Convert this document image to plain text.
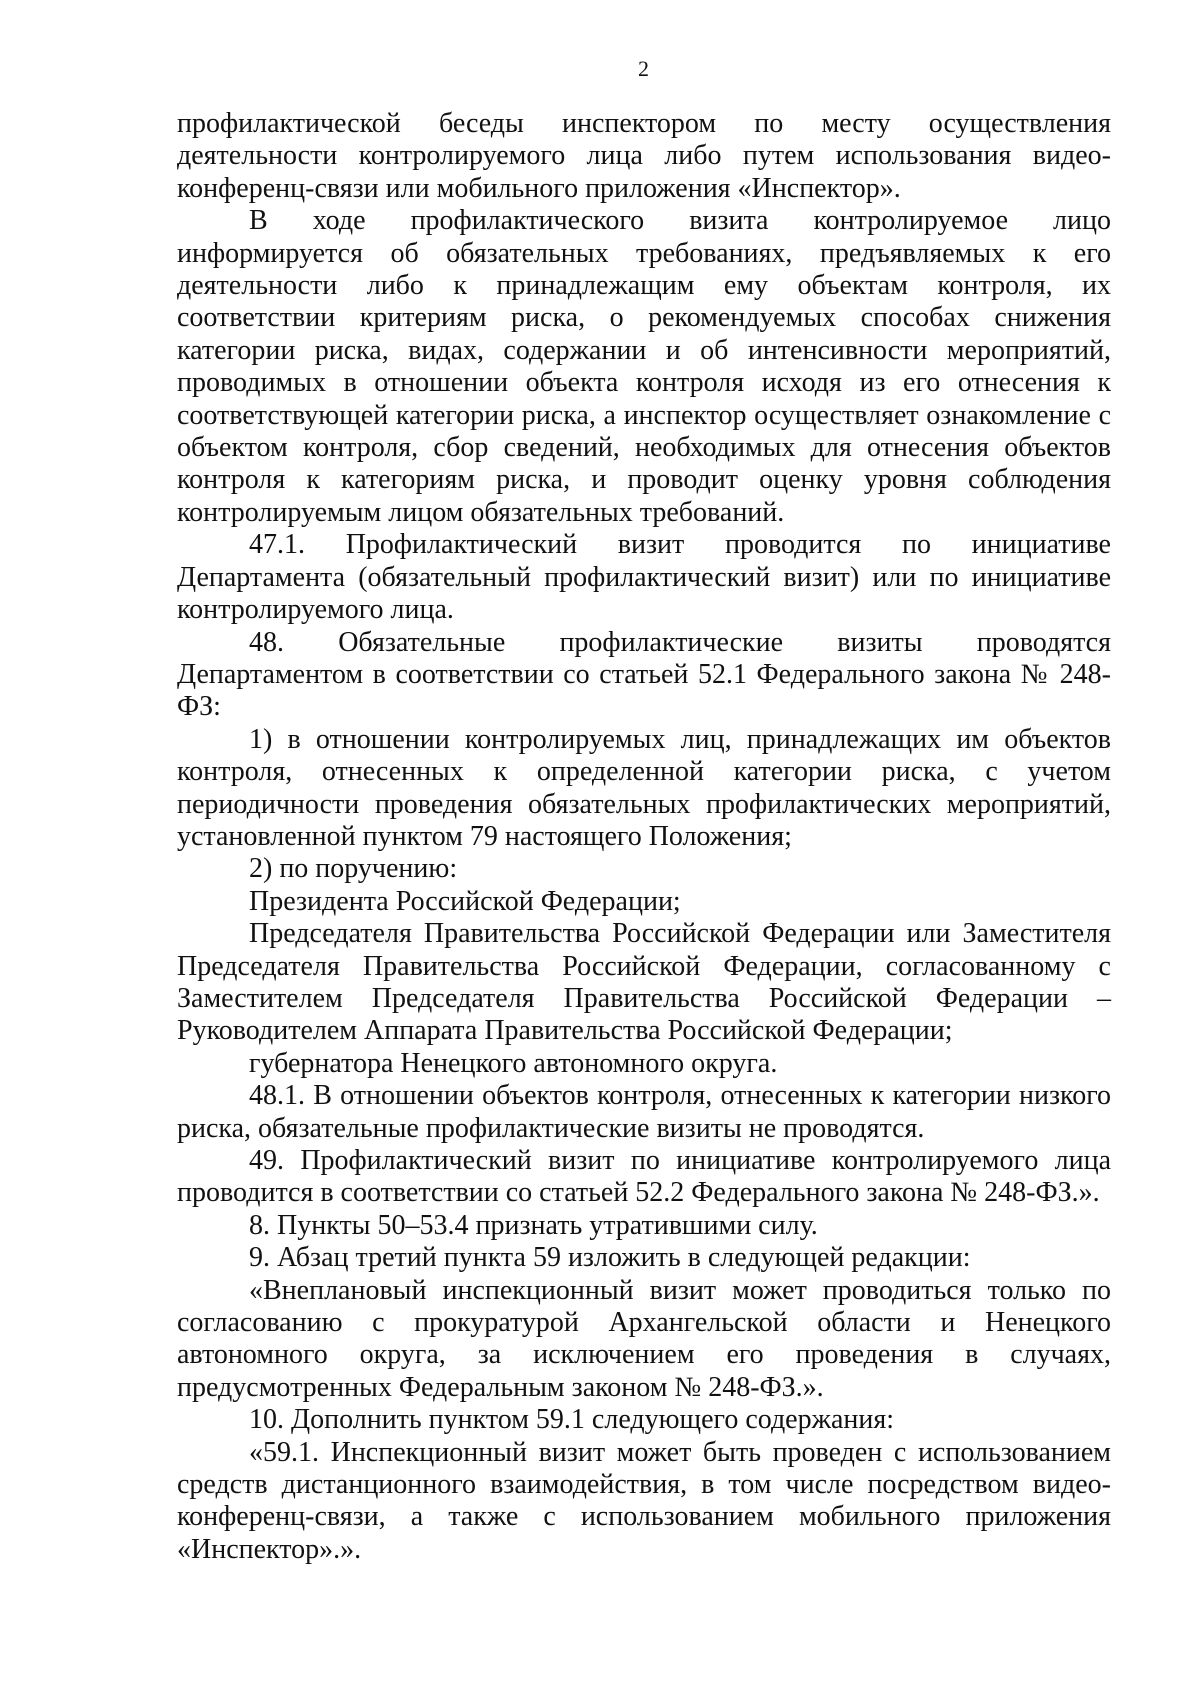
2

профилактической беседы инспектором по месту осуществления деятельности контролируемого лица либо путем использования видео-конференц-связи или мобильного приложения «Инспектор».

В ходе профилактического визита контролируемое лицо информируется об обязательных требованиях, предъявляемых к его деятельности либо к принадлежащим ему объектам контроля, их соответствии критериям риска, о рекомендуемых способах снижения категории риска, видах, содержании и об интенсивности мероприятий, проводимых в отношении объекта контроля исходя из его отнесения к соответствующей категории риска, а инспектор осуществляет ознакомление с объектом контроля, сбор сведений, необходимых для отнесения объектов контроля к категориям риска, и проводит оценку уровня соблюдения контролируемым лицом обязательных требований.

47.1. Профилактический визит проводится по инициативе Департамента (обязательный профилактический визит) или по инициативе контролируемого лица.

48. Обязательные профилактические визиты проводятся Департаментом в соответствии со статьей 52.1 Федерального закона № 248-ФЗ:

1) в отношении контролируемых лиц, принадлежащих им объектов контроля, отнесенных к определенной категории риска, с учетом периодичности проведения обязательных профилактических мероприятий, установленной пунктом 79 настоящего Положения;

2) по поручению:

Президента Российской Федерации;

Председателя Правительства Российской Федерации или Заместителя Председателя Правительства Российской Федерации, согласованному с Заместителем Председателя Правительства Российской Федерации – Руководителем Аппарата Правительства Российской Федерации;

губернатора Ненецкого автономного округа.

48.1. В отношении объектов контроля, отнесенных к категории низкого риска, обязательные профилактические визиты не проводятся.

49. Профилактический визит по инициативе контролируемого лица проводится в соответствии со статьей 52.2 Федерального закона № 248-ФЗ.».

8. Пункты 50–53.4 признать утратившими силу.

9. Абзац третий пункта 59 изложить в следующей редакции:

«Внеплановый инспекционный визит может проводиться только по согласованию с прокуратурой Архангельской области и Ненецкого автономного округа, за исключением его проведения в случаях, предусмотренных Федеральным законом № 248-ФЗ.».

10. Дополнить пунктом 59.1 следующего содержания:

«59.1. Инспекционный визит может быть проведен с использованием средств дистанционного взаимодействия, в том числе посредством видео-конференц-связи, а также с использованием мобильного приложения «Инспектор».».
